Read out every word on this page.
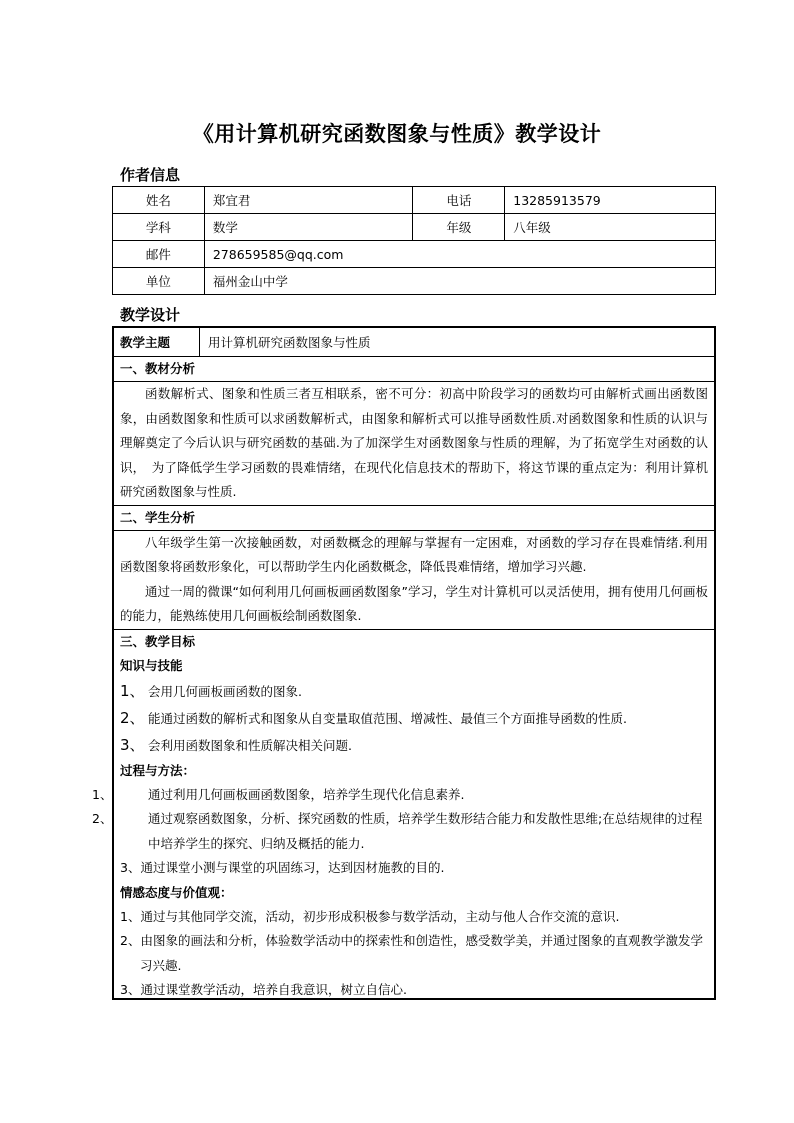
《用计算机研究函数图象与性质》教学设计
作者信息
姓名	郑宜君	电话	13285913579
学科	数学	年级	八年级
邮件	278659585@qq.com		
单位	福州金山中学		
教学设计
教学主题	用计算机研究函数图象与性质
一、教材分析

函数解析式、图象和性质三者互相联系，密不可分：初高中阶段学习的函数均可由解析式画出函数图象，由函数图象和性质可以求函数解析式，由图象和解析式可以推导函数性质.对函数图象和性质的认识与理解奠定了今后认识与研究函数的基础.为了加深学生对函数图象与性质的理解，为了拓宽学生对函数的认识，　为了降低学生学习函数的畏难情绪，在现代化信息技术的帮助下，将这节课的重点定为：利用计算机研究函数图象与性质.

二、学生分析

八年级学生第一次接触函数，对函数概念的理解与掌握有一定困难，对函数的学习存在畏难情绪.利用函数图象将函数形象化，可以帮助学生内化函数概念，降低畏难情绪，增加学习兴趣.

通过一周的微课“如何利用几何画板画函数图象”学习，学生对计算机可以灵活使用，拥有使用几何画板的能力，能熟练使用几何画板绘制函数图象.

三、教学目标
知识与技能
1、 会用几何画板画函数的图象.
2、 能通过函数的解析式和图象从自变量取值范围、增减性、最值三个方面推导函数的性质.
3、 会利用函数图象和性质解决相关问题.
过程与方法：
1、	通过利用几何画板画函数图象，培养学生现代化信息素养.
2、	通过观察函数图象，分析、探究函数的性质，培养学生数形结合能力和发散性思维;在总结规律的过程中培养学生的探究、归纳及概括的能力.
3、通过课堂小测与课堂的巩固练习，达到因材施教的目的.
情感态度与价值观：
1、通过与其他同学交流，活动，初步形成积极参与数学活动，主动与他人合作交流的意识.
2、由图象的画法和分析，体验数学活动中的探索性和创造性，感受数学美，并通过图象的直观教学激发学习兴趣.
3、通过课堂教学活动，培养自我意识，树立自信心.
